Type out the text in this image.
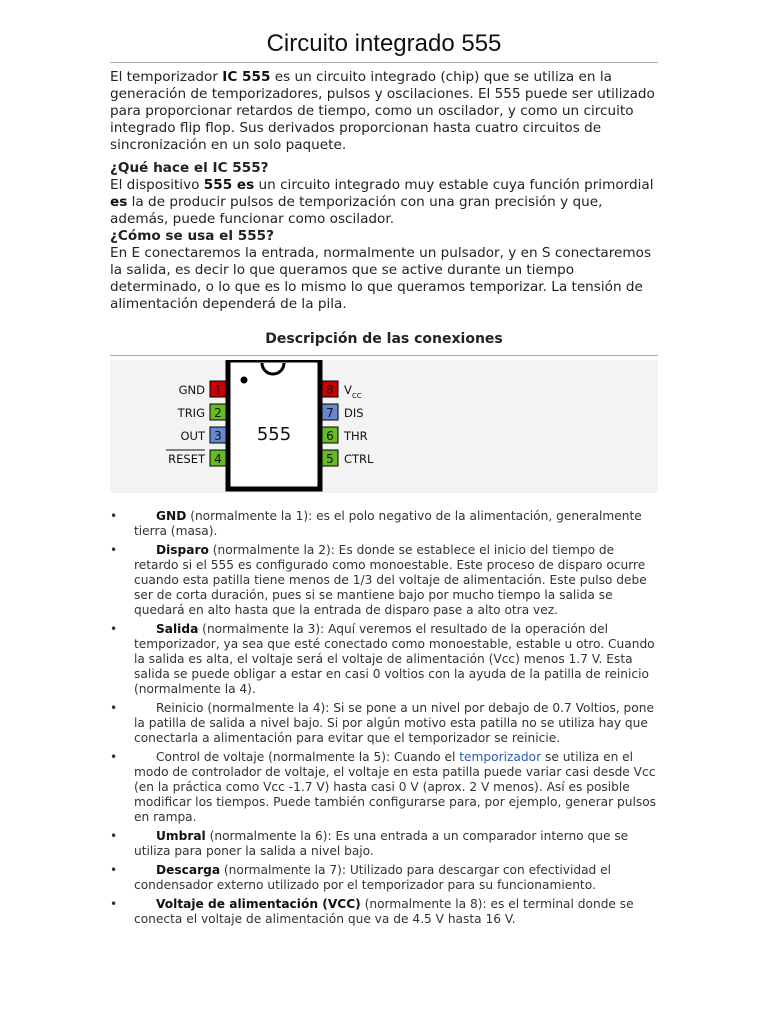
Circuito integrado 555
El temporizador IC 555 es un circuito integrado (chip) que se utiliza en la generación de temporizadores, pulsos y oscilaciones. El 555 puede ser utilizado para proporcionar retardos de tiempo, como un oscilador, y como un circuito integrado flip flop. Sus derivados proporcionan hasta cuatro circuitos de sincronización en un solo paquete.
¿Qué hace el IC 555?
El dispositivo 555 es un circuito integrado muy estable cuya función primordial es la de producir pulsos de temporización con una gran precisión y que, además, puede funcionar como oscilador.
¿Cómo se usa el 555?
En E conectaremos la entrada, normalmente un pulsador, y en S conectaremos la salida, es decir lo que queramos que se active durante un tiempo determinado, o lo que es lo mismo lo que queramos temporizar. La tensión de alimentación dependerá de la pila.
Descripción de las conexiones
555
1
GND
2
TRIG
3
OUT
4
RESET
8 V CC
7 DIS
6 THR
5 CTRL
•	GND (normalmente la 1): es el polo negativo de la alimentación, generalmente tierra (masa).
•	Disparo (normalmente la 2): Es donde se establece el inicio del tiempo de retardo si el 555 es configurado como monoestable. Este proceso de disparo ocurre cuando esta patilla tiene menos de 1/3 del voltaje de alimentación. Este pulso debe ser de corta duración, pues si se mantiene bajo por mucho tiempo la salida se quedará en alto hasta que la entrada de disparo pase a alto otra vez.
•	Salida (normalmente la 3): Aquí veremos el resultado de la operación del temporizador, ya sea que esté conectado como monoestable, estable u otro. Cuando la salida es alta, el voltaje será el voltaje de alimentación (Vcc) menos 1.7 V. Esta salida se puede obligar a estar en casi 0 voltios con la ayuda de la patilla de reinicio (normalmente la 4).
•	Reinicio (normalmente la 4): Si se pone a un nivel por debajo de 0.7 Voltios, pone la patilla de salida a nivel bajo. Si por algún motivo esta patilla no se utiliza hay que conectarla a alimentación para evitar que el temporizador se reinicie.
•	Control de voltaje (normalmente la 5): Cuando el temporizador se utiliza en el modo de controlador de voltaje, el voltaje en esta patilla puede variar casi desde Vcc (en la práctica como Vcc -1.7 V) hasta casi 0 V (aprox. 2 V menos). Así es posible modificar los tiempos. Puede también configurarse para, por ejemplo, generar pulsos en rampa.
•	Umbral (normalmente la 6): Es una entrada a un comparador interno que se utiliza para poner la salida a nivel bajo.
•	Descarga (normalmente la 7): Utilizado para descargar con efectividad el condensador externo utilizado por el temporizador para su funcionamiento.
•	Voltaje de alimentación (VCC) (normalmente la 8): es el terminal donde se conecta el voltaje de alimentación que va de 4.5 V hasta 16 V.
